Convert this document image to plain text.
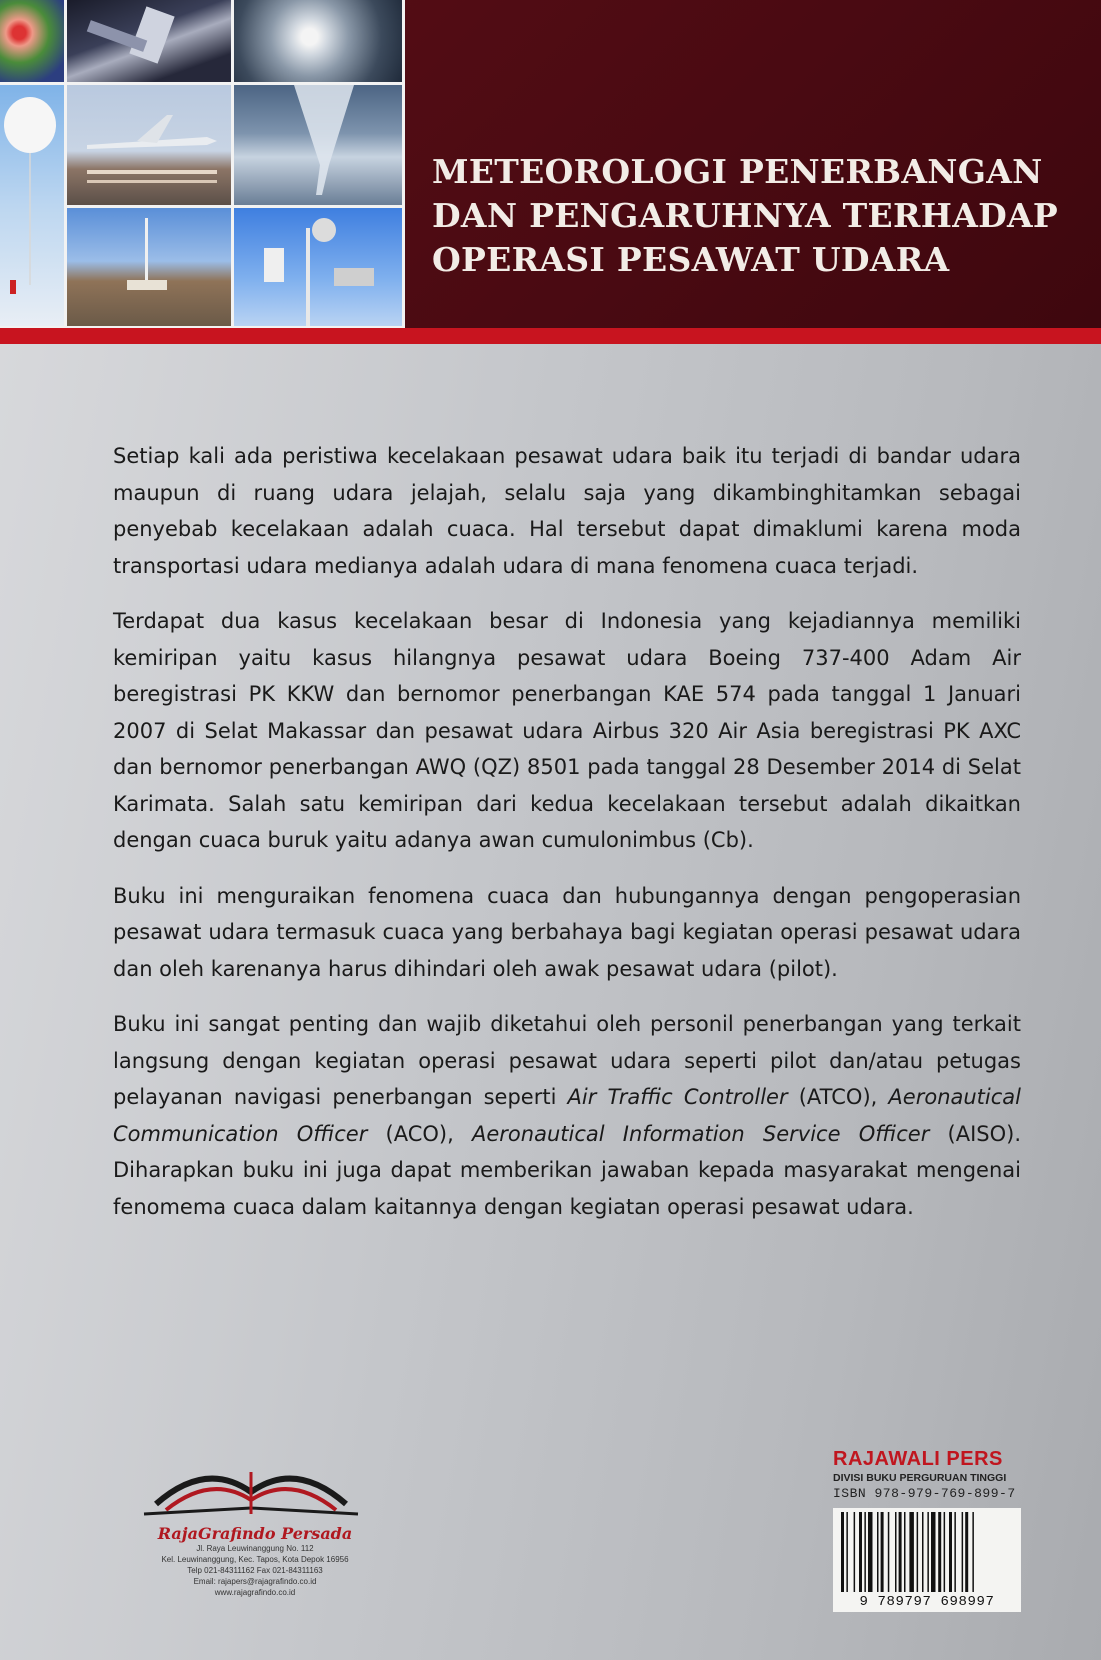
METEOROLOGI PENERBANGAN
DAN PENGARUHNYA TERHADAP
OPERASI PESAWAT UDARA

Setiap kali ada peristiwa kecelakaan pesawat udara baik itu terjadi di bandar udara maupun di ruang udara jelajah, selalu saja yang dikambinghitamkan sebagai penyebab kecelakaan adalah cuaca. Hal tersebut dapat dimaklumi karena moda transportasi udara medianya adalah udara di mana fenomena cuaca terjadi.

Terdapat dua kasus kecelakaan besar di Indonesia yang kejadiannya memiliki kemiripan yaitu kasus hilangnya pesawat udara Boeing 737-400 Adam Air beregistrasi PK KKW dan bernomor penerbangan KAE 574 pada tanggal 1 Januari 2007 di Selat Makassar dan pesawat udara Airbus 320 Air Asia beregistrasi PK AXC dan bernomor penerbangan AWQ (QZ) 8501 pada tanggal 28 Desember 2014 di Selat Karimata. Salah satu kemiripan dari kedua kecelakaan tersebut adalah dikaitkan dengan cuaca buruk yaitu adanya awan cumulonimbus (Cb).

Buku ini menguraikan fenomena cuaca dan hubungannya dengan pengoperasian pesawat udara termasuk cuaca yang berbahaya bagi kegiatan operasi pesawat udara dan oleh karenanya harus dihindari oleh awak pesawat udara (pilot).

Buku ini sangat penting dan wajib diketahui oleh personil penerbangan yang terkait langsung dengan kegiatan operasi pesawat udara seperti pilot dan/atau petugas pelayanan navigasi penerbangan seperti Air Traffic Controller (ATCO), Aeronautical Communication Officer (ACO), Aeronautical Information Service Officer (AISO). Diharapkan buku ini juga dapat memberikan jawaban kepada masyarakat mengenai fenomema cuaca dalam kaitannya dengan kegiatan operasi pesawat udara.

RajaGrafindo Persada
Jl. Raya Leuwinanggung No. 112
Kel. Leuwinanggung, Kec. Tapos, Kota Depok 16956
Telp 021-84311162 Fax 021-84311163
Email: rajapers@rajagrafindo.co.id
www.rajagrafindo.co.id
RAJAWALI PERS
DIVISI BUKU PERGURUAN TINGGI
ISBN 978-979-769-899-7
9 789797 698997
